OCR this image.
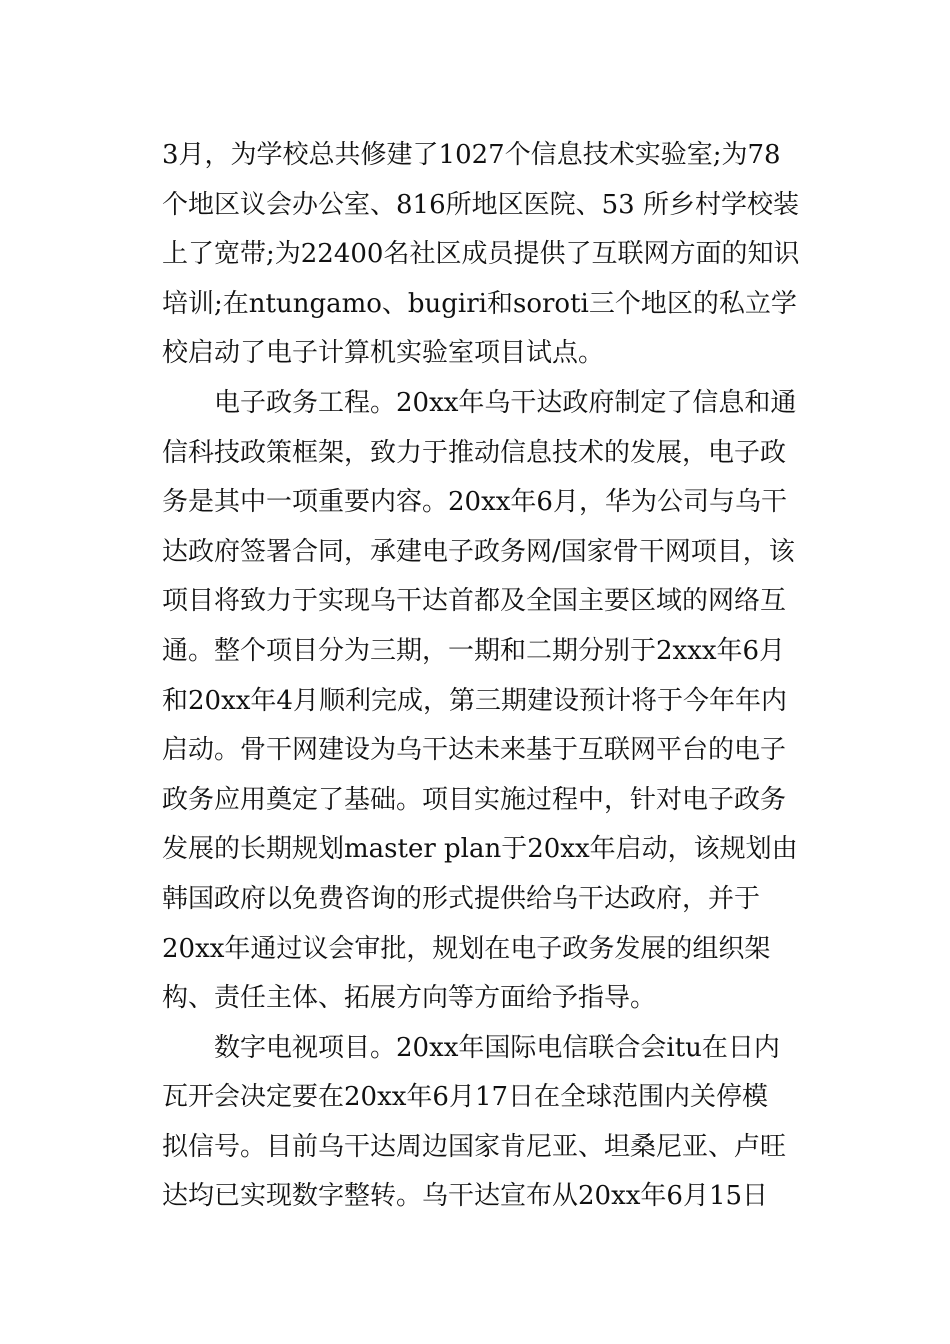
3月，为学校总共修建了1027个信息技术实验室;为78
个地区议会办公室、816所地区医院、53 所乡村学校装
上了宽带;为22400名社区成员提供了互联网方面的知识
培训;在ntungamo、bugiri和soroti三个地区的私立学
校启动了电子计算机实验室项目试点。
电子政务工程。20xx年乌干达政府制定了信息和通
信科技政策框架，致力于推动信息技术的发展，电子政
务是其中一项重要内容。20xx年6月，华为公司与乌干
达政府签署合同，承建电子政务网/国家骨干网项目，该
项目将致力于实现乌干达首都及全国主要区域的网络互
通。整个项目分为三期，一期和二期分别于2xxx年6月
和20xx年4月顺利完成，第三期建设预计将于今年年内
启动。骨干网建设为乌干达未来基于互联网平台的电子
政务应用奠定了基础。项目实施过程中，针对电子政务
发展的长期规划master plan于20xx年启动，该规划由
韩国政府以免费咨询的形式提供给乌干达政府，并于
20xx年通过议会审批，规划在电子政务发展的组织架
构、责任主体、拓展方向等方面给予指导。
数字电视项目。20xx年国际电信联合会itu在日内
瓦开会决定要在20xx年6月17日在全球范围内关停模
拟信号。目前乌干达周边国家肯尼亚、坦桑尼亚、卢旺
达均已实现数字整转。乌干达宣布从20xx年6月15日
